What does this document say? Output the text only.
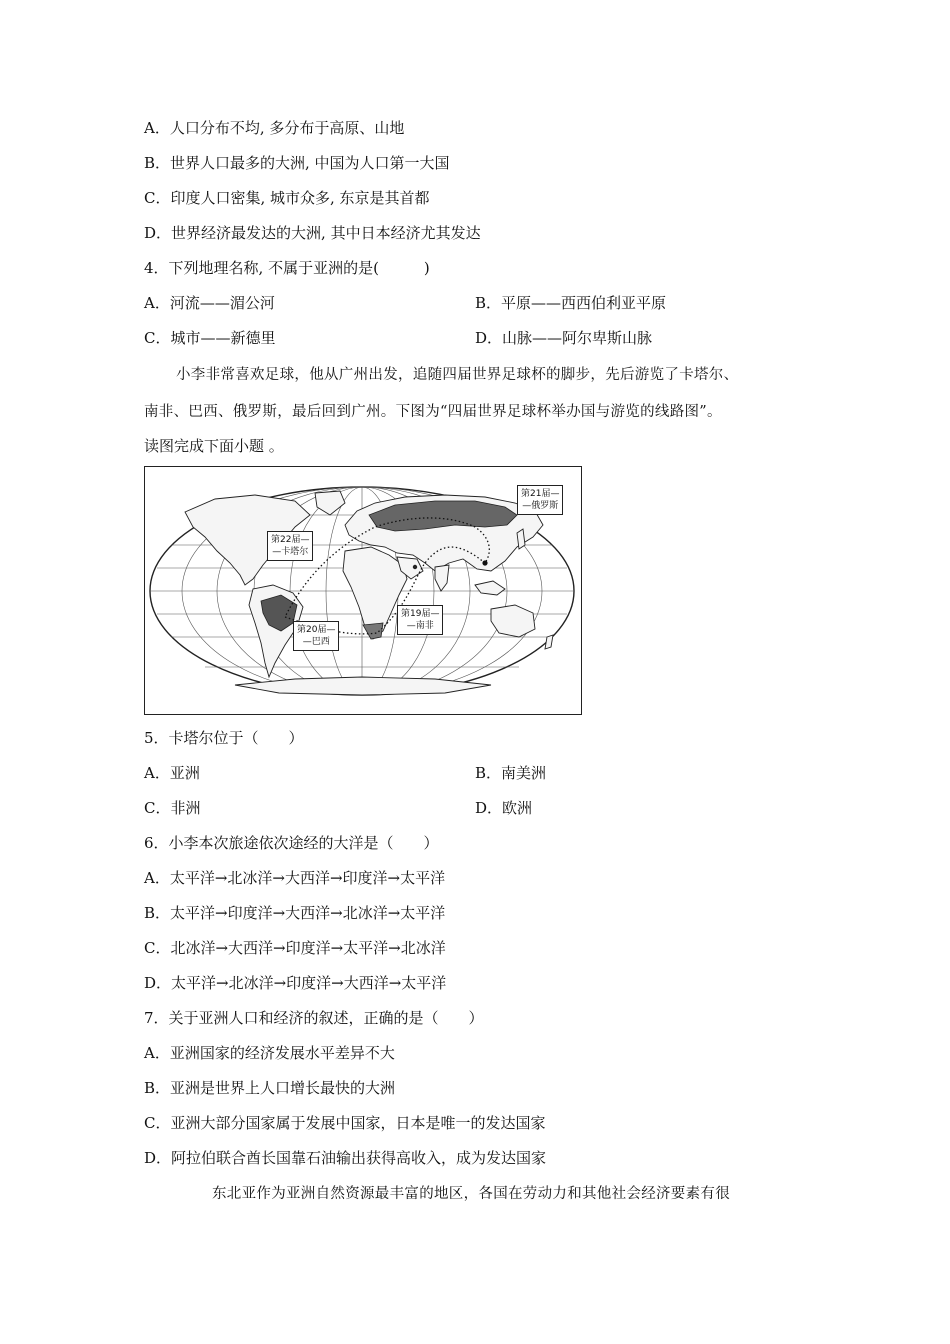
A．人口分布不均, 多分布于高原、山地
B．世界人口最多的大洲, 中国为人口第一大国
C．印度人口密集, 城市众多, 东京是其首都
D．世界经济最发达的大洲, 其中日本经济尤其发达
4．下列地理名称, 不属于亚洲的是(　　　)
A．河流——湄公河	B．平原——西西伯利亚平原
C．城市——新德里	D．山脉——阿尔卑斯山脉
小李非常喜欢足球，他从广州出发，追随四届世界足球杯的脚步，先后游览了卡塔尔、
南非、巴西、俄罗斯，最后回到广州。下图为“四届世界足球杯举办国与游览的线路图”。
读图完成下面小题 。
第21届—
—俄罗斯
第22届—
—卡塔尔
第20届—
—巴西
第19届—
—南非
5．卡塔尔位于（　　）
A．亚洲	B．南美洲
C．非洲	D．欧洲
6．小李本次旅途依次途经的大洋是（　　）
A．太平洋→北冰洋→大西洋→印度洋→太平洋
B．太平洋→印度洋→大西洋→北冰洋→太平洋
C．北冰洋→大西洋→印度洋→太平洋→北冰洋
D．太平洋→北冰洋→印度洋→大西洋→太平洋
7．关于亚洲人口和经济的叙述，正确的是（　　）
A．亚洲国家的经济发展水平差异不大
B．亚洲是世界上人口增长最快的大洲
C．亚洲大部分国家属于发展中国家，日本是唯一的发达国家
D．阿拉伯联合酋长国靠石油输出获得高收入，成为发达国家
东北亚作为亚洲自然资源最丰富的地区，各国在劳动力和其他社会经济要素有很
